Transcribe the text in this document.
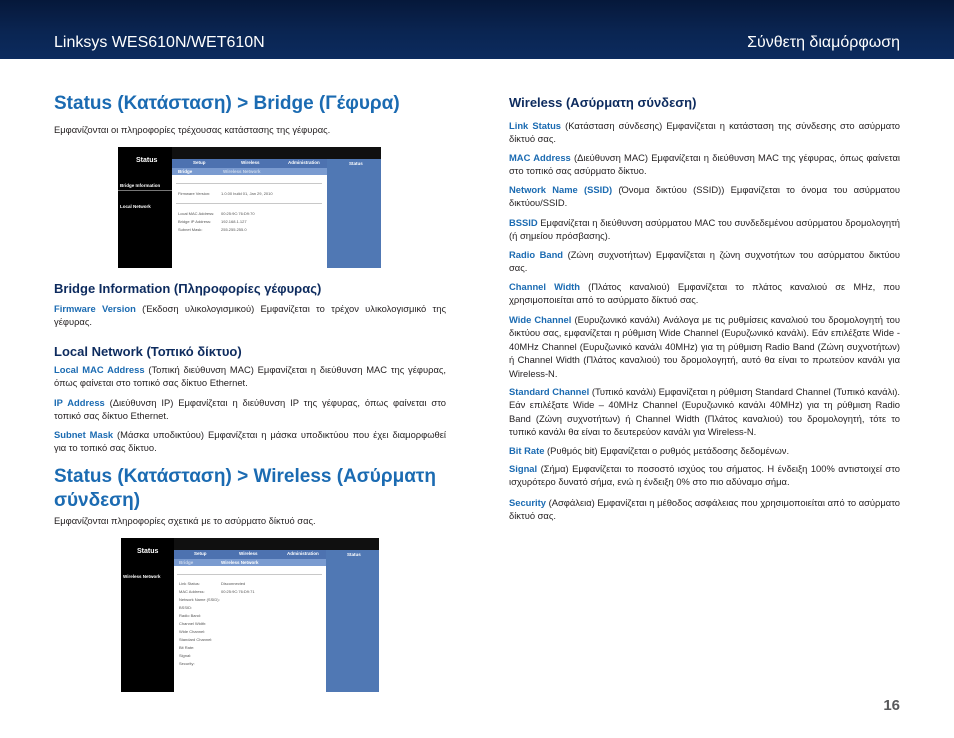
Linksys WES610N/WET610N	Σύνθετη διαμόρφωση
Status (Κατάσταση) > Bridge (Γέφυρα)
Εμφανίζονται οι πληροφορίες τρέχουσας κατάστασης της γέφυρας.
Status	Setup	Wireless	Administration	Status
Bridge	Wireless Network
Bridge Information
Local Network
Firmware Version:	1.0.00 build 01, Jan 29, 2010
Local MAC Address: 00:25:9C:76:D9:70
Bridge IP Address: 192.168.1.127
Subnet Mask:	255.255.255.0
Bridge Information (Πληροφορίες γέφυρας)
Firmware Version (Έκδοση υλικολογισμικού) Εμφανίζεται το τρέχον υλικολογισμικό της γέφυρας.
Local Network (Τοπικό δίκτυο)
Local MAC Address (Τοπική διεύθυνση MAC) Εμφανίζεται η διεύθυνση MAC της γέφυρας, όπως φαίνεται στο τοπικό σας δίκτυο Ethernet.
IP Address (Διεύθυνση IP) Εμφανίζεται η διεύθυνση IP της γέφυρας, όπως φαίνεται στο τοπικό σας δίκτυο Ethernet.
Subnet Mask (Μάσκα υποδικτύου) Εμφανίζεται η μάσκα υποδικτύου που έχει διαμορφωθεί για το τοπικό σας δίκτυο.
Status (Κατάσταση) > Wireless (Ασύρματη
σύνδεση)
Εμφανίζονται πληροφορίες σχετικά με το ασύρματο δίκτυό σας.
Status	Setup	Wireless	Administration	Status
Bridge	Wireless Network
Wireless Network
Link Status:	Disconnected
MAC Address:	00:25:9C:76:D9:71
Network Name (SSID):
BSSID:
Radio Band:
Channel Width:
Wide Channel:
Standard Channel:
Bit Rate:
Signal:
Security:
Wireless (Ασύρματη σύνδεση)
Link Status (Κατάσταση σύνδεσης) Εμφανίζεται η κατάσταση της σύνδεσης στο ασύρματο δίκτυό σας.
MAC Address (Διεύθυνση MAC) Εμφανίζεται η διεύθυνση MAC της γέφυρας, όπως φαίνεται στο τοπικό σας ασύρματο δίκτυο.
Network Name (SSID) (Όνομα δικτύου (SSID)) Εμφανίζεται το όνομα του ασύρματου δικτύου/SSID.
BSSID Εμφανίζεται η διεύθυνση ασύρματου MAC του συνδεδεμένου ασύρματου δρομολογητή (ή σημείου πρόσβασης).
Radio Band (Ζώνη συχνοτήτων) Εμφανίζεται η ζώνη συχνοτήτων του ασύρματου δικτύου σας.
Channel Width (Πλάτος καναλιού) Εμφανίζεται το πλάτος καναλιού σε MHz, που χρησιμοποιείται από το ασύρματο δίκτυό σας.
Wide Channel (Ευρυζωνικό κανάλι) Ανάλογα με τις ρυθμίσεις καναλιού του δρομολογητή του δικτύου σας, εμφανίζεται η ρύθμιση Wide Channel (Ευρυζωνικό κανάλι). Εάν επιλέξατε Wide - 40MHz Channel (Ευρυζωνικό κανάλι 40MHz) για τη ρύθμιση Radio Band (Ζώνη συχνοτήτων) ή Channel Width (Πλάτος καναλιού) του δρομολογητή, αυτό θα είναι το πρωτεύον κανάλι για Wireless-N.
Standard Channel (Τυπικό κανάλι) Εμφανίζεται η ρύθμιση Standard Channel (Τυπικό κανάλι). Εάν επιλέξατε Wide – 40MHz Channel (Ευρυζωνικό κανάλι 40MHz) για τη ρύθμιση Radio Band (Ζώνη συχνοτήτων) ή Channel Width (Πλάτος καναλιού) του δρομολογητή, τότε το τυπικό κανάλι θα είναι το δευτερεύον κανάλι για Wireless-N.
Bit Rate (Ρυθμός bit) Εμφανίζεται ο ρυθμός μετάδοσης δεδομένων.
Signal (Σήμα) Εμφανίζεται το ποσοστό ισχύος του σήματος. Η ένδειξη 100% αντιστοιχεί στο ισχυρότερο δυνατό σήμα, ενώ η ένδειξη 0% στο πιο αδύναμο σήμα.
Security (Ασφάλεια) Εμφανίζεται η μέθοδος ασφάλειας που χρησιμοποιείται από το ασύρματο δίκτυό σας.
16
